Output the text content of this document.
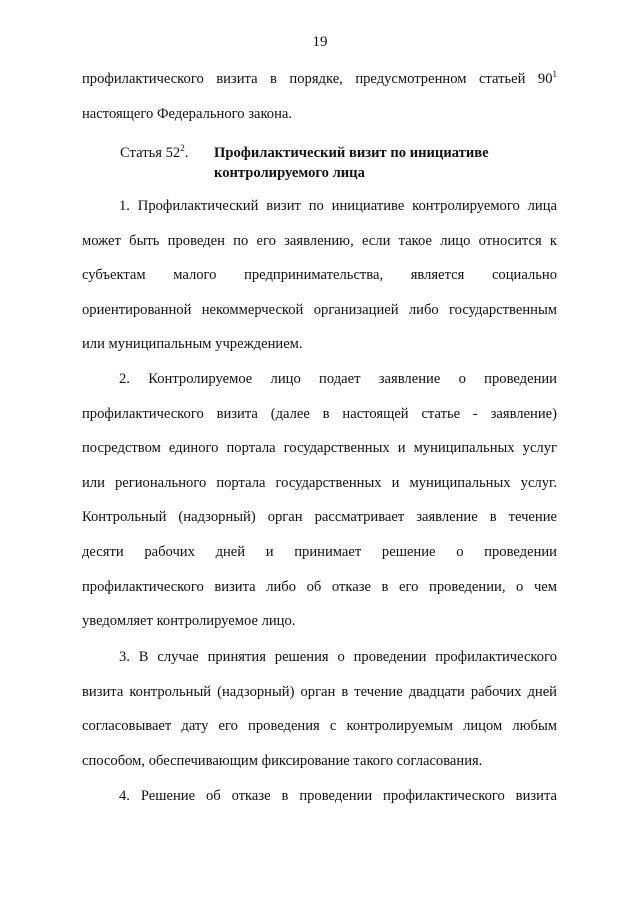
19
профилактического визита в порядке, предусмотренном статьей $90^1$
настоящего Федерального закона.
Статья $52^2$. Профилактический визит по инициативе
контролируемого лица
1. Профилактический визит по инициативе контролируемого лица
может быть проведен по его заявлению, если такое лицо относится к
субъектам малого предпринимательства, является социально
ориентированной некоммерческой организацией либо государственным
или муниципальным учреждением.
2. Контролируемое лицо подает заявление о проведении
профилактического визита (далее в настоящей статье - заявление)
посредством единого портала государственных и муниципальных услуг
или регионального портала государственных и муниципальных услуг.
Контрольный (надзорный) орган рассматривает заявление в течение
десяти рабочих дней и принимает решение о проведении
профилактического визита либо об отказе в его проведении, о чем
уведомляет контролируемое лицо.
3. В случае принятия решения о проведении профилактического
визита контрольный (надзорный) орган в течение двадцати рабочих дней
согласовывает дату его проведения с контролируемым лицом любым
способом, обеспечивающим фиксирование такого согласования.
4. Решение об отказе в проведении профилактического визита
